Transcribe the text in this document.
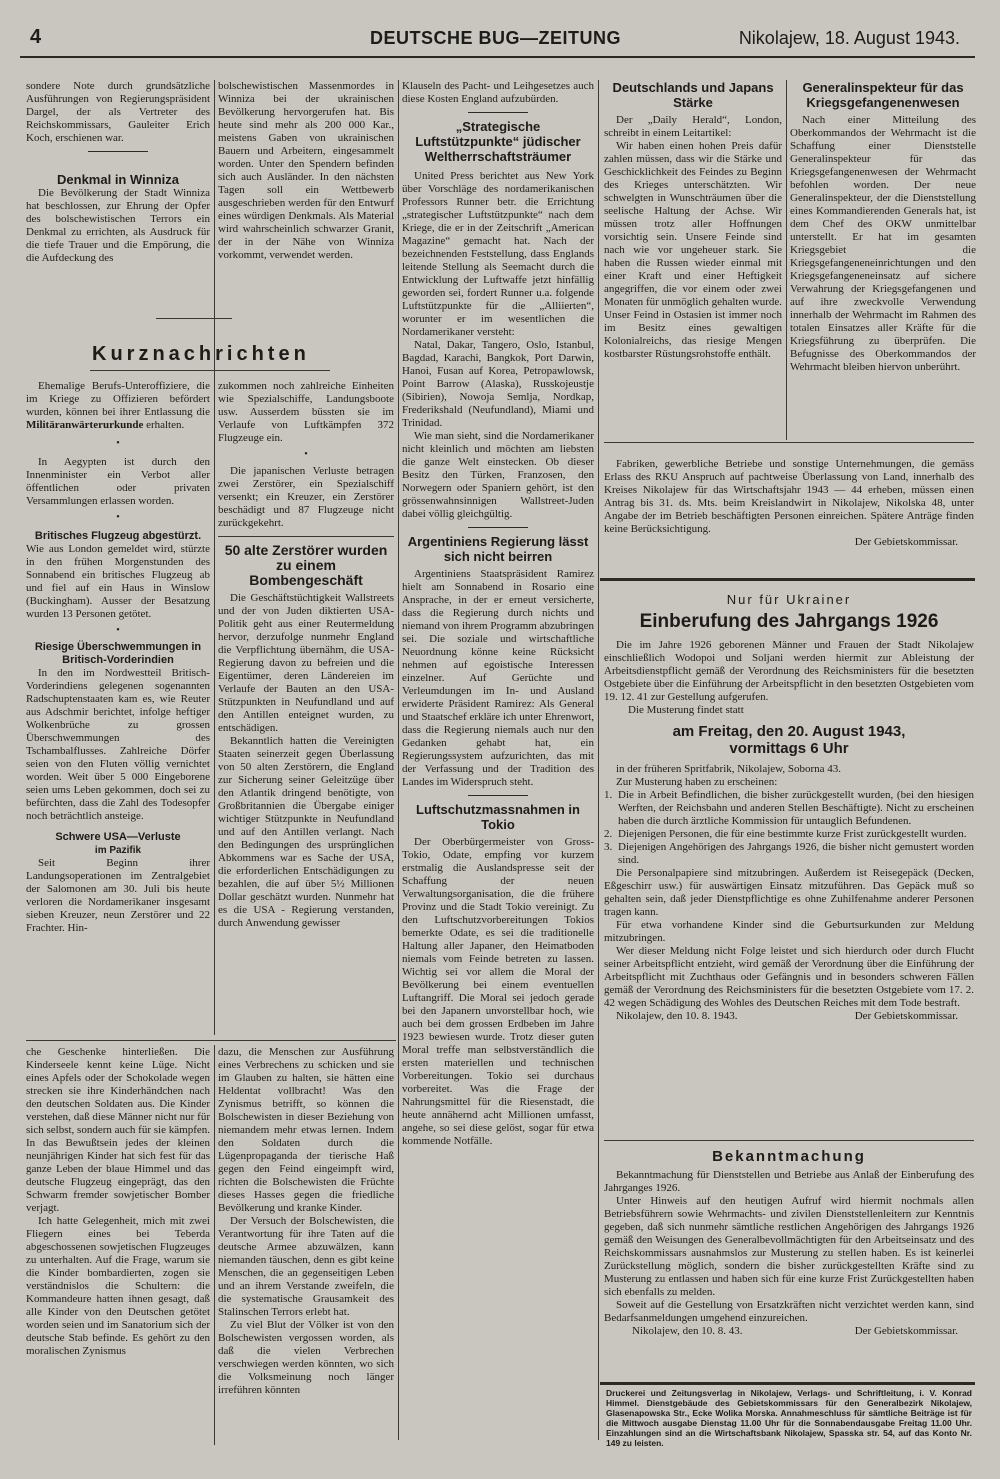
4	DEUTSCHE BUG—ZEITUNG	Nikolajew, 18. August 1943.

sondere Note durch grundsätzliche Ausführungen von Regierungspräsident Dargel, der als Vertreter des Reichskommissars, Gauleiter Erich Koch, erschienen war.

Denkmal in Winniza

Die Bevölkerung der Stadt Winniza hat beschlossen, zur Ehrung der Opfer des bolschewistischen Terrors ein Denkmal zu errichten, als Ausdruck für die tiefe Trauer und die Empörung, die die Aufdeckung des

bolschewistischen Massenmordes in Winniza bei der ukrainischen Bevölkerung hervorgerufen hat. Bis heute sind mehr als 200 000 Kar., meistens Gaben von ukrainischen Bauern und Arbeitern, eingesammelt worden. Unter den Spendern befinden sich auch Ausländer. In den nächsten Tagen soll ein Wettbewerb ausgeschrieben werden für den Entwurf eines würdigen Denkmals. Als Material wird wahrscheinlich schwarzer Granit, der in der Nähe von Winniza vorkommt, verwendet werden.

Kurznachrichten

Ehemalige Berufs-Unteroffiziere, die im Kriege zu Offizieren befördert wurden, können bei ihrer Entlassung die Militäranwärterurkunde erhalten.

•

In Aegypten ist durch den Innenminister ein Verbot aller öffentlichen oder privaten Versammlungen erlassen worden.

•
Britisches Flugzeug abgestürzt.

Wie aus London gemeldet wird, stürzte in den frühen Morgenstunden des Sonnabend ein britisches Flugzeug ab und fiel auf ein Haus in Winslow (Buckingham). Ausser der Besatzung wurden 13 Personen getötet.

•
Riesige Überschwemmungen in Britisch-Vorderindien

In den im Nordwestteil Britisch-Vorderindiens gelegenen sogenannten Radschuptenstaaten kam es, wie Reuter aus Adschmir berichtet, infolge heftiger Wolkenbrüche zu grossen Überschwemmungen des Tschambalflusses. Zahlreiche Dörfer seien von den Fluten völlig vernichtet worden. Weit über 5 000 Eingeborene seien ums Leben gekommen, doch sei zu befürchten, dass die Zahl des Todesopfer noch beträchtlich ansteige.

Schwere USA—Verluste
im Pazifik

Seit Beginn ihrer Landungsoperationen im Zentralgebiet der Salomonen am 30. Juli bis heute verloren die Nordamerikaner insgesamt sieben Kreuzer, neun Zerstörer und 22 Frachter. Hin-

zukommen noch zahlreiche Einheiten wie Spezialschiffe, Landungsboote usw. Ausserdem büssten sie im Verlaufe von Luftkämpfen 372 Flugzeuge ein.

•

Die japanischen Verluste betragen zwei Zerstörer, ein Spezialschiff versenkt; ein Kreuzer, ein Zerstörer beschädigt und 87 Flugzeuge nicht zurückgekehrt.

50 alte Zerstörer wurden zu einem Bombengeschäft

Die Geschäftstüchtigkeit Wallstreets und der von Juden diktierten USA-Politik geht aus einer Reutermeldung hervor, derzufolge nunmehr England die Verpflichtung übernähm, die USA-Regierung davon zu befreien und die Eigentümer, deren Ländereien im Verlaufe der Bauten an den USA-Stützpunkten in Neufundland und auf den Antillen enteignet wurden, zu entschädigen.

Bekanntlich hatten die Vereinigten Staaten seinerzeit gegen Überlassung von 50 alten Zerstörern, die England zur Sicherung seiner Geleitzüge über den Atlantik dringend benötigte, von Großbritannien die Übergabe einiger wichtiger Stützpunkte in Neufundland und auf den Antillen verlangt. Nach den Bedingungen des ursprünglichen Abkommens war es Sache der USA, die erforderlichen Entschädigungen zu bezahlen, die auf über 5½ Millionen Dollar geschätzt wurden. Nunmehr hat es die USA - Regierung verstanden, durch Anwendung gewisser

Klauseln des Pacht- und Leihgesetzes auch diese Kosten England aufzubürden.

„Strategische Luftstützpunkte“ jüdischer Weltherrschaftsträumer

United Press berichtet aus New York über Vorschläge des nordamerikanischen Professors Runner betr. die Errichtung „strategischer Luftstützpunkte“ nach dem Kriege, die er in der Zeitschrift „American Magazine“ gemacht hat. Nach der bezeichnenden Feststellung, dass Englands leitende Stellung als Seemacht durch die Entwicklung der Luftwaffe jetzt hinfällig geworden sei, fordert Runner u.a. folgende Luftstützpunkte für die „Alliierten“, worunter er im wesentlichen die Nordamerikaner versteht:

Natal, Dakar, Tangero, Oslo, Istanbul, Bagdad, Karachi, Bangkok, Port Darwin, Hanoi, Fusan auf Korea, Petropawlowsk, Point Barrow (Alaska), Russkojeustje (Sibirien), Nowoja Semlja, Nordkap, Frederikshald (Neufundland), Miami und Trinidad.

Wie man sieht, sind die Nordamerikaner nicht kleinlich und möchten am liebsten die ganze Welt einstecken. Ob dieser Besitz den Türken, Franzosen, den Norwegern oder Spaniern gehört, ist den grössenwahnsinnigen Wallstreet-Juden dabei völlig gleichgültig.

Argentiniens Regierung lässt sich nicht beirren

Argentiniens Staatspräsident Ramirez hielt am Sonnabend in Rosario eine Ansprache, in der er erneut versicherte, dass die Regierung durch nichts und niemand von ihrem Programm abzubringen sei. Die soziale und wirtschaftliche Neuordnung könne keine Rücksicht nehmen auf egoistische Interessen einzelner. Auf Gerüchte und Verleumdungen im In- und Ausland erwiderte Präsident Ramirez: Als General und Staatschef erkläre ich unter Ehrenwort, dass die Regierung niemals auch nur den Gedanken gehabt hat, ein Regierungssystem aufzurichten, das mit der Verfassung und der Tradition des Landes im Widerspruch steht.

Luftschutzmassnahmen in Tokio

Der Oberbürgermeister von Gross-Tokio, Odate, empfing vor kurzem erstmalig die Auslandspresse seit der Schaffung der neuen Verwaltungsorganisation, die die frühere Provinz und die Stadt Tokio vereinigt. Zu den Luftschutzvorbereitungen Tokios bemerkte Odate, es sei die traditionelle Haltung aller Japaner, den Heimatboden niemals vom Feinde betreten zu lassen. Wichtig sei vor allem die Moral der Bevölkerung bei einem eventuellen Luftangriff. Die Moral sei jedoch gerade bei den Japanern unvorstellbar hoch, wie auch bei dem grossen Erdbeben im Jahre 1923 bewiesen wurde. Trotz dieser guten Moral treffe man selbstverständlich die ersten materiellen und technischen Vorbereitungen. Tokio sei durchaus vorbereitet. Was die Frage der Nahrungsmittel für die Riesenstadt, die heute annähernd acht Millionen umfasst, angehe, so sei diese gelöst, sogar für etwa kommende Notfälle.

che Geschenke hinterließen. Die Kinderseele kennt keine Lüge. Nicht eines Apfels oder der Schokolade wegen strecken sie ihre Kinderhändchen nach den deutschen Soldaten aus. Die Kinder verstehen, daß diese Männer nicht nur für sich selbst, sondern auch für sie kämpfen. In das Bewußtsein jedes der kleinen neunjährigen Kinder hat sich fest für das ganze Leben der blaue Himmel und das deutsche Flugzeug eingeprägt, das den Schwarm fremder sowjetischer Bomber verjagt.

Ich hatte Gelegenheit, mich mit zwei Fliegern eines bei Teberda abgeschossenen sowjetischen Flugzeuges zu unterhalten. Auf die Frage, warum sie die Kinder bombardierten, zogen sie verständnislos die Schultern: die Kommandeure hatten ihnen gesagt, daß alle Kinder von den Deutschen getötet worden seien und im Sanatorium sich der deutsche Stab befinde. Es gehört zu den moralischen Zynismus

dazu, die Menschen zur Ausführung eines Verbrechens zu schicken und sie im Glauben zu halten, sie hätten eine Heldentat vollbracht! Was den Zynismus betrifft, so können die Bolschewisten in dieser Beziehung von niemandem mehr etwas lernen. Indem den Soldaten durch die Lügenpropaganda der tierische Haß gegen den Feind eingeimpft wird, richten die Bolschewisten die Früchte dieses Hasses gegen die friedliche Bevölkerung und kranke Kinder.

Der Versuch der Bolschewisten, die Verantwortung für ihre Taten auf die deutsche Armee abzuwälzen, kann niemanden täuschen, denn es gibt keine Menschen, die an gegenseitigen Leben und an ihrem Verstande zweifeln, die die systematische Grausamkeit des Stalinschen Terrors erlebt hat.

Zu viel Blut der Völker ist von den Bolschewisten vergossen worden, als daß die vielen Verbrechen verschwiegen werden könnten, wo sich die Volksmeinung noch länger irreführen könnten

Deutschlands und Japans Stärke

Der „Daily Herald“, London, schreibt in einem Leitartikel:

Wir haben einen hohen Preis dafür zahlen müssen, dass wir die Stärke und Geschicklichkeit des Feindes zu Beginn des Krieges unterschätzten. Wir schwelgten in Wunschträumen über die seelische Haltung der Achse. Wir müssen trotz aller Hoffnungen vorsichtig sein. Unsere Feinde sind nach wie vor ungeheuer stark. Sie haben die Russen wieder einmal mit einer Kraft und einer Heftigkeit angegriffen, die vor einem oder zwei Monaten für unmöglich gehalten wurde. Unser Feind in Ostasien ist immer noch im Besitz eines gewaltigen Kolonialreichs, das riesige Mengen kostbarster Rüstungsrohstoffe enthält.

Generalinspekteur für das Kriegsgefangenenwesen

Nach einer Mitteilung des Oberkommandos der Wehrmacht ist die Schaffung einer Dienststelle Generalinspekteur für das Kriegsgefangenenwesen der Wehrmacht befohlen worden. Der neue Generalinspekteur, der die Dienststellung eines Kommandierenden Generals hat, ist dem Chef des OKW unmittelbar unterstellt. Er hat im gesamten Kriegsgebiet die Kriegsgefangeneneinrichtungen und den Kriegsgefangeneneinsatz auf sichere Verwahrung der Kriegsgefangenen und auf ihre zweckvolle Verwendung innerhalb der Wehrmacht im Rahmen des totalen Einsatzes aller Kräfte für die Kriegsführung zu überprüfen. Die Befugnisse des Oberkommandos der Wehrmacht bleiben hiervon unberührt.

Fabriken, gewerbliche Betriebe und sonstige Unternehmungen, die gemäss Erlass des RKU Anspruch auf pachtweise Überlassung von Land, innerhalb des Kreises Nikolajew für das Wirtschaftsjahr 1943 — 44 erheben, müssen einen Antrag bis 31. ds. Mts. beim Kreislandwirt in Nikolajew, Nikolska 48, unter Angabe der im Betrieb beschäftigten Personen einreichen. Spätere Anträge finden keine Berücksichtigung.

Der Gebietskommissar.
Nur für Ukrainer
Einberufung des Jahrgangs 1926

Die im Jahre 1926 geborenen Männer und Frauen der Stadt Nikolajew einschließlich Wodopoi und Soljani werden hiermit zur Ableistung der Arbeitsdienstpflicht gemäß der Verordnung des Reichsministers für die besetzten Ostgebiete über die Einführung der Arbeitspflicht in den besetzten Ostgebieten vom 19. 12. 41 zur Gestellung aufgerufen.

Die Musterung findet statt

am Freitag, den 20. August 1943,
vormittags 6 Uhr

in der früheren Spritfabrik, Nikolajew, Soborna 43.

Zur Musterung haben zu erscheinen:

1. Die in Arbeit Befindlichen, die bisher zurückgestellt wurden, (bei den hiesigen Werften, der Reichsbahn und anderen Stellen Beschäftigte). Nicht zu erscheinen haben die durch ärztliche Kommission für untauglich Befundenen.

2. Diejenigen Personen, die für eine bestimmte kurze Frist zurückgestellt wurden.

3. Diejenigen Angehörigen des Jahrgangs 1926, die bisher nicht gemustert worden sind.

Die Personalpapiere sind mitzubringen. Außerdem ist Reisegepäck (Decken, Eßgeschirr usw.) für auswärtigen Einsatz mitzuführen. Das Gepäck muß so gehalten sein, daß jeder Dienstpflichtige es ohne Zuhilfenahme anderer Personen tragen kann.

Für etwa vorhandene Kinder sind die Geburtsurkunden zur Meldung mitzubringen.

Wer dieser Meldung nicht Folge leistet und sich hierdurch oder durch Flucht seiner Arbeitspflicht entzieht, wird gemäß der Verordnung über die Einführung der Arbeitspflicht mit Zuchthaus oder Gefängnis und in besonders schweren Fällen gemäß der Verordnung des Reichsministers für die besetzten Ostgebiete vom 17. 2. 42 wegen Schädigung des Wohles des Deutschen Reiches mit dem Tode bestraft.

Nikolajew, den 10. 8. 1943.	Der Gebietskommissar.
Bekanntmachung

Bekanntmachung für Dienststellen und Betriebe aus Anlaß der Einberufung des Jahrganges 1926.

Unter Hinweis auf den heutigen Aufruf wird hiermit nochmals allen Betriebsführern sowie Wehrmachts- und zivilen Dienststellenleitern zur Kenntnis gegeben, daß sich nunmehr sämtliche restlichen Angehörigen des Jahrgangs 1926 gemäß den Weisungen des Generalbevollmächtigten für den Arbeitseinsatz und des Reichskommissars ausnahmslos zur Musterung zu stellen haben. Es ist keinerlei Zurückstellung möglich, sondern die bisher zurückgestellten Kräfte sind zu Musterung zu entlassen und haben sich für eine kurze Frist Zurückgestellten haben sich ebenfalls zu melden.

Soweit auf die Gestellung von Ersatzkräften nicht verzichtet werden kann, sind Bedarfsanmeldungen umgehend einzureichen.

Nikolajew, den 10. 8. 43.	Der Gebietskommissar.

Druckerei und Zeitungsverlag in Nikolajew, Verlags- und Schriftleitung, i. V. Konrad Himmel. Dienstgebäude des Gebietskommissars für den Generalbezirk Nikolajew, Glasenapowska Str., Ecke Wolikа Morska. Annahmeschluss für sämtliche Beiträge ist für die Mittwoch ausgabe Dienstag 11.00 Uhr für die Sonnabendausgabe Freitag 11.00 Uhr. Einzahlungen sind an die Wirtschaftsbank Nikolajew, Spasska str. 54, auf das Konto Nr. 149 zu leisten.
